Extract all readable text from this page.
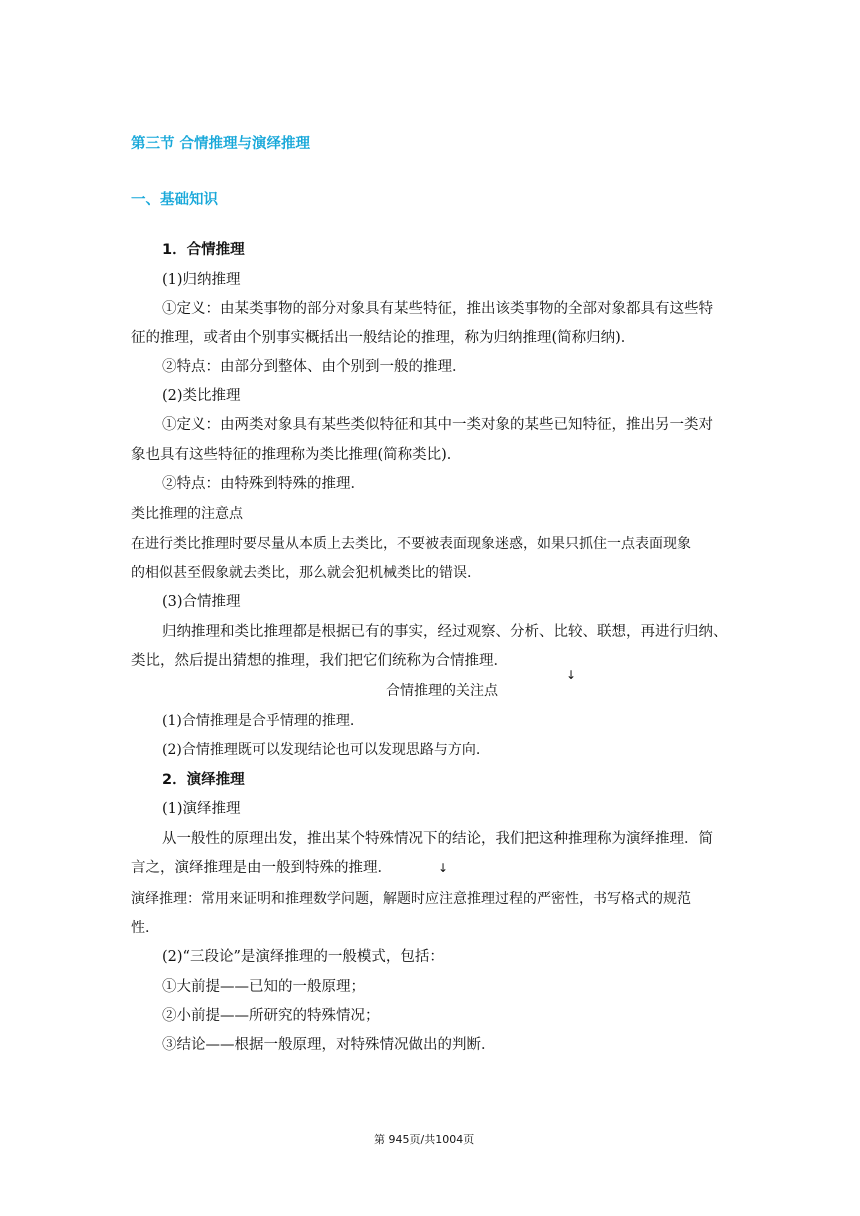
第三节 合情推理与演绎推理
一、基础知识
1．合情推理
(1)归纳推理
①定义：由某类事物的部分对象具有某些特征，推出该类事物的全部对象都具有这些特
征的推理，或者由个别事实概括出一般结论的推理，称为归纳推理(简称归纳)．
②特点：由部分到整体、由个别到一般的推理．
(2)类比推理
①定义：由两类对象具有某些类似特征和其中一类对象的某些已知特征，推出另一类对
象也具有这些特征的推理称为类比推理(简称类比)．
②特点：由特殊到特殊的推理．
类比推理的注意点
在进行类比推理时要尽量从本质上去类比，不要被表面现象迷惑，如果只抓住一点表面现象
的相似甚至假象就去类比，那么就会犯机械类比的错误.
(3)合情推理
归纳推理和类比推理都是根据已有的事实，经过观察、分析、比较、联想，再进行归纳、
类比，然后提出猜想的推理，我们把它们统称为合情推理．
↓
合情推理的关注点
(1)合情推理是合乎情理的推理.
(2)合情推理既可以发现结论也可以发现思路与方向.
2．演绎推理
(1)演绎推理
从一般性的原理出发，推出某个特殊情况下的结论，我们把这种推理称为演绎推理．简
言之，演绎推理是由一般到特殊的推理．	↓
演绎推理：常用来证明和推理数学问题，解题时应注意推理过程的严密性，书写格式的规范
性.
(2)“三段论”是演绎推理的一般模式，包括：
①大前提——已知的一般原理；
②小前提——所研究的特殊情况；
③结论——根据一般原理，对特殊情况做出的判断．
第 945页/共1004页
